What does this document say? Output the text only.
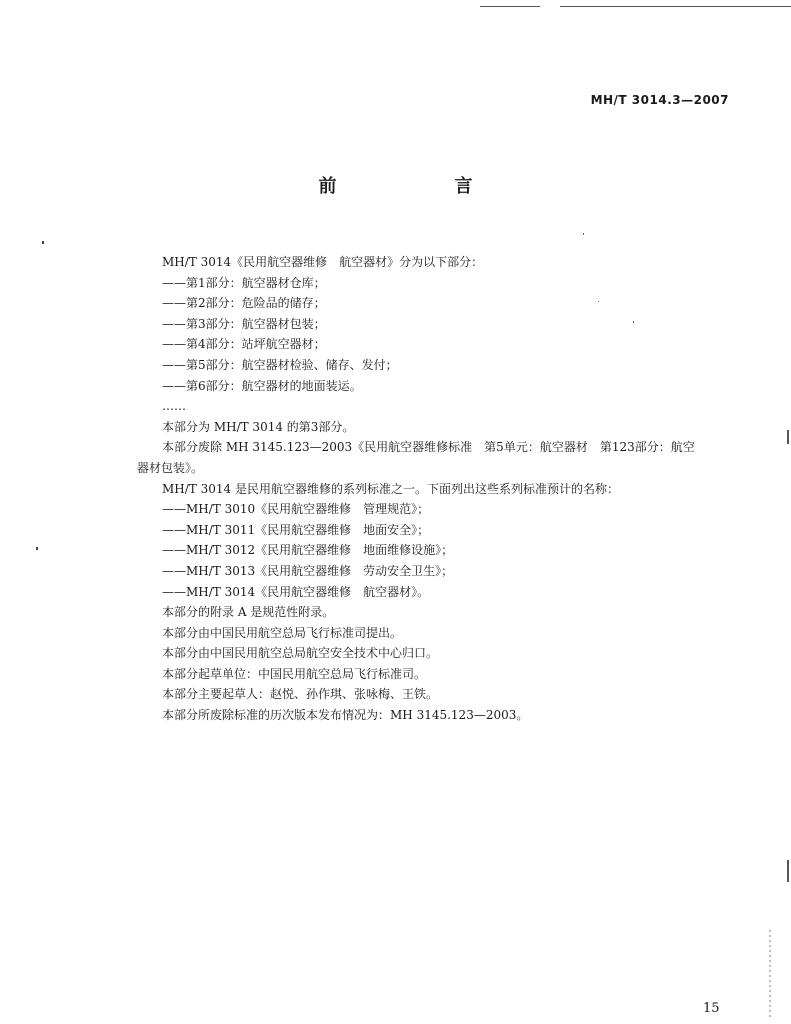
MH/T 3014.3—2007
前　言
MH/T 3014《民用航空器维修　航空器材》分为以下部分：
——第1部分：航空器材仓库；
——第2部分：危险品的储存；
——第3部分：航空器材包装；
——第4部分：站坪航空器材；
——第5部分：航空器材检验、储存、发付；
——第6部分：航空器材的地面装运。
……
本部分为 MH/T 3014 的第3部分。
本部分废除 MH 3145.123—2003《民用航空器维修标准　第5单元：航空器材　第123部分：航空
器材包装》。
MH/T 3014 是民用航空器维修的系列标准之一。下面列出这些系列标准预计的名称：
——MH/T 3010《民用航空器维修　管理规范》；
——MH/T 3011《民用航空器维修　地面安全》；
——MH/T 3012《民用航空器维修　地面维修设施》；
——MH/T 3013《民用航空器维修　劳动安全卫生》；
——MH/T 3014《民用航空器维修　航空器材》。
本部分的附录 A 是规范性附录。
本部分由中国民用航空总局飞行标准司提出。
本部分由中国民用航空总局航空安全技术中心归口。
本部分起草单位：中国民用航空总局飞行标准司。
本部分主要起草人：赵悦、孙作琪、张咏梅、王铁。
本部分所废除标准的历次版本发布情况为：MH 3145.123—2003。
15
